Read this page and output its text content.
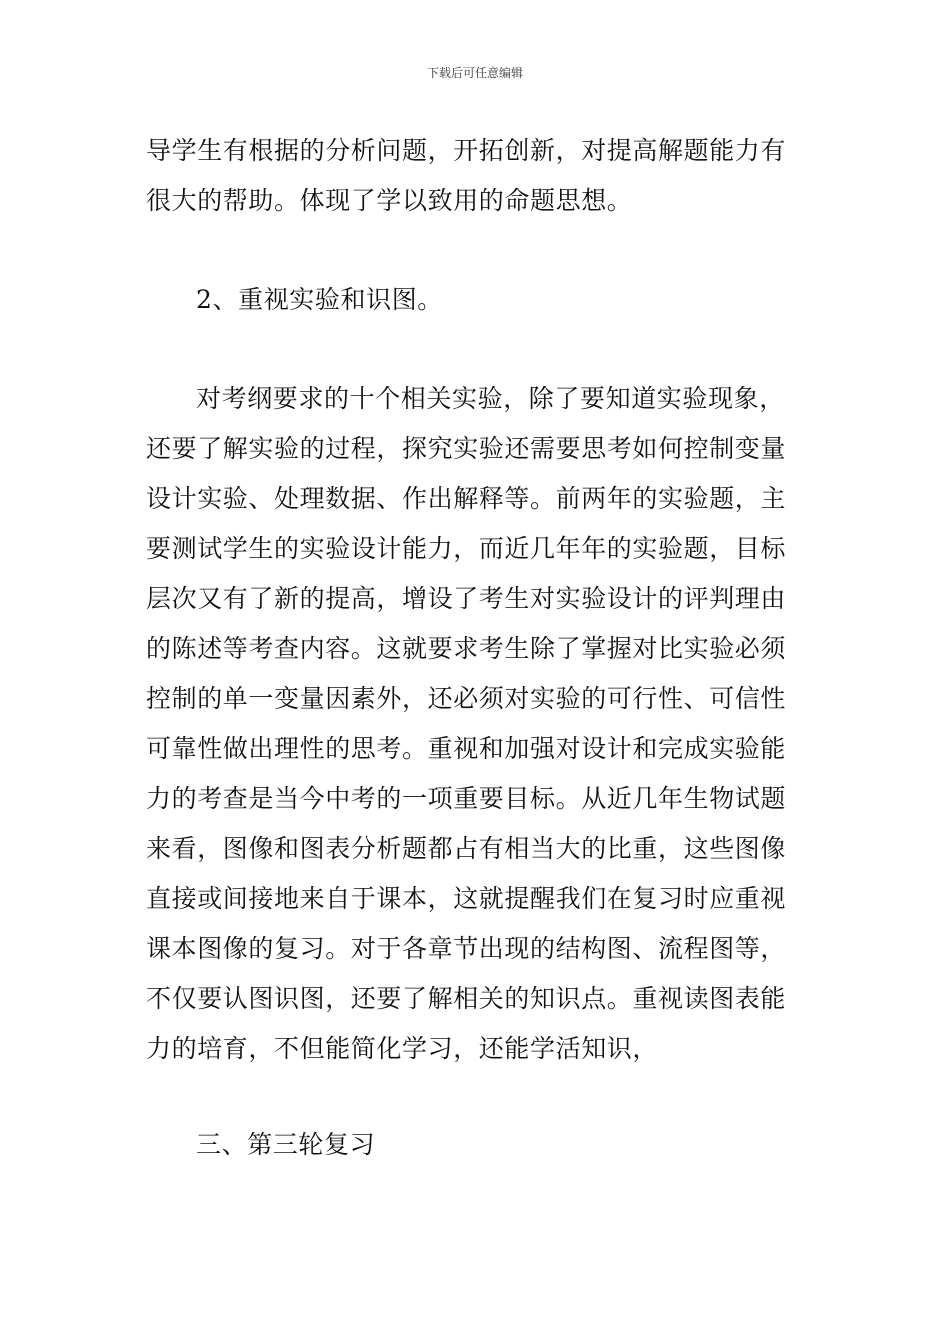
下载后可任意编辑

导学生有根据的分析问题，开拓创新，对提高解题能力有很大的帮助。体现了学以致用的命题思想。

2、重视实验和识图。

对考纲要求的十个相关实验，除了要知道实验现象，还要了解实验的过程，探究实验还需要思考如何控制变量设计实验、处理数据、作出解释等。前两年的实验题，主要测试学生的实验设计能力，而近几年年的实验题，目标层次又有了新的提高，增设了考生对实验设计的评判理由的陈述等考查内容。这就要求考生除了掌握对比实验必须控制的单一变量因素外，还必须对实验的可行性、可信性可靠性做出理性的思考。重视和加强对设计和完成实验能力的考查是当今中考的一项重要目标。从近几年生物试题来看，图像和图表分析题都占有相当大的比重，这些图像直接或间接地来自于课本，这就提醒我们在复习时应重视课本图像的复习。对于各章节出现的结构图、流程图等，不仅要认图识图，还要了解相关的知识点。重视读图表能力的培育，不但能简化学习，还能学活知识，

三、第三轮复习
